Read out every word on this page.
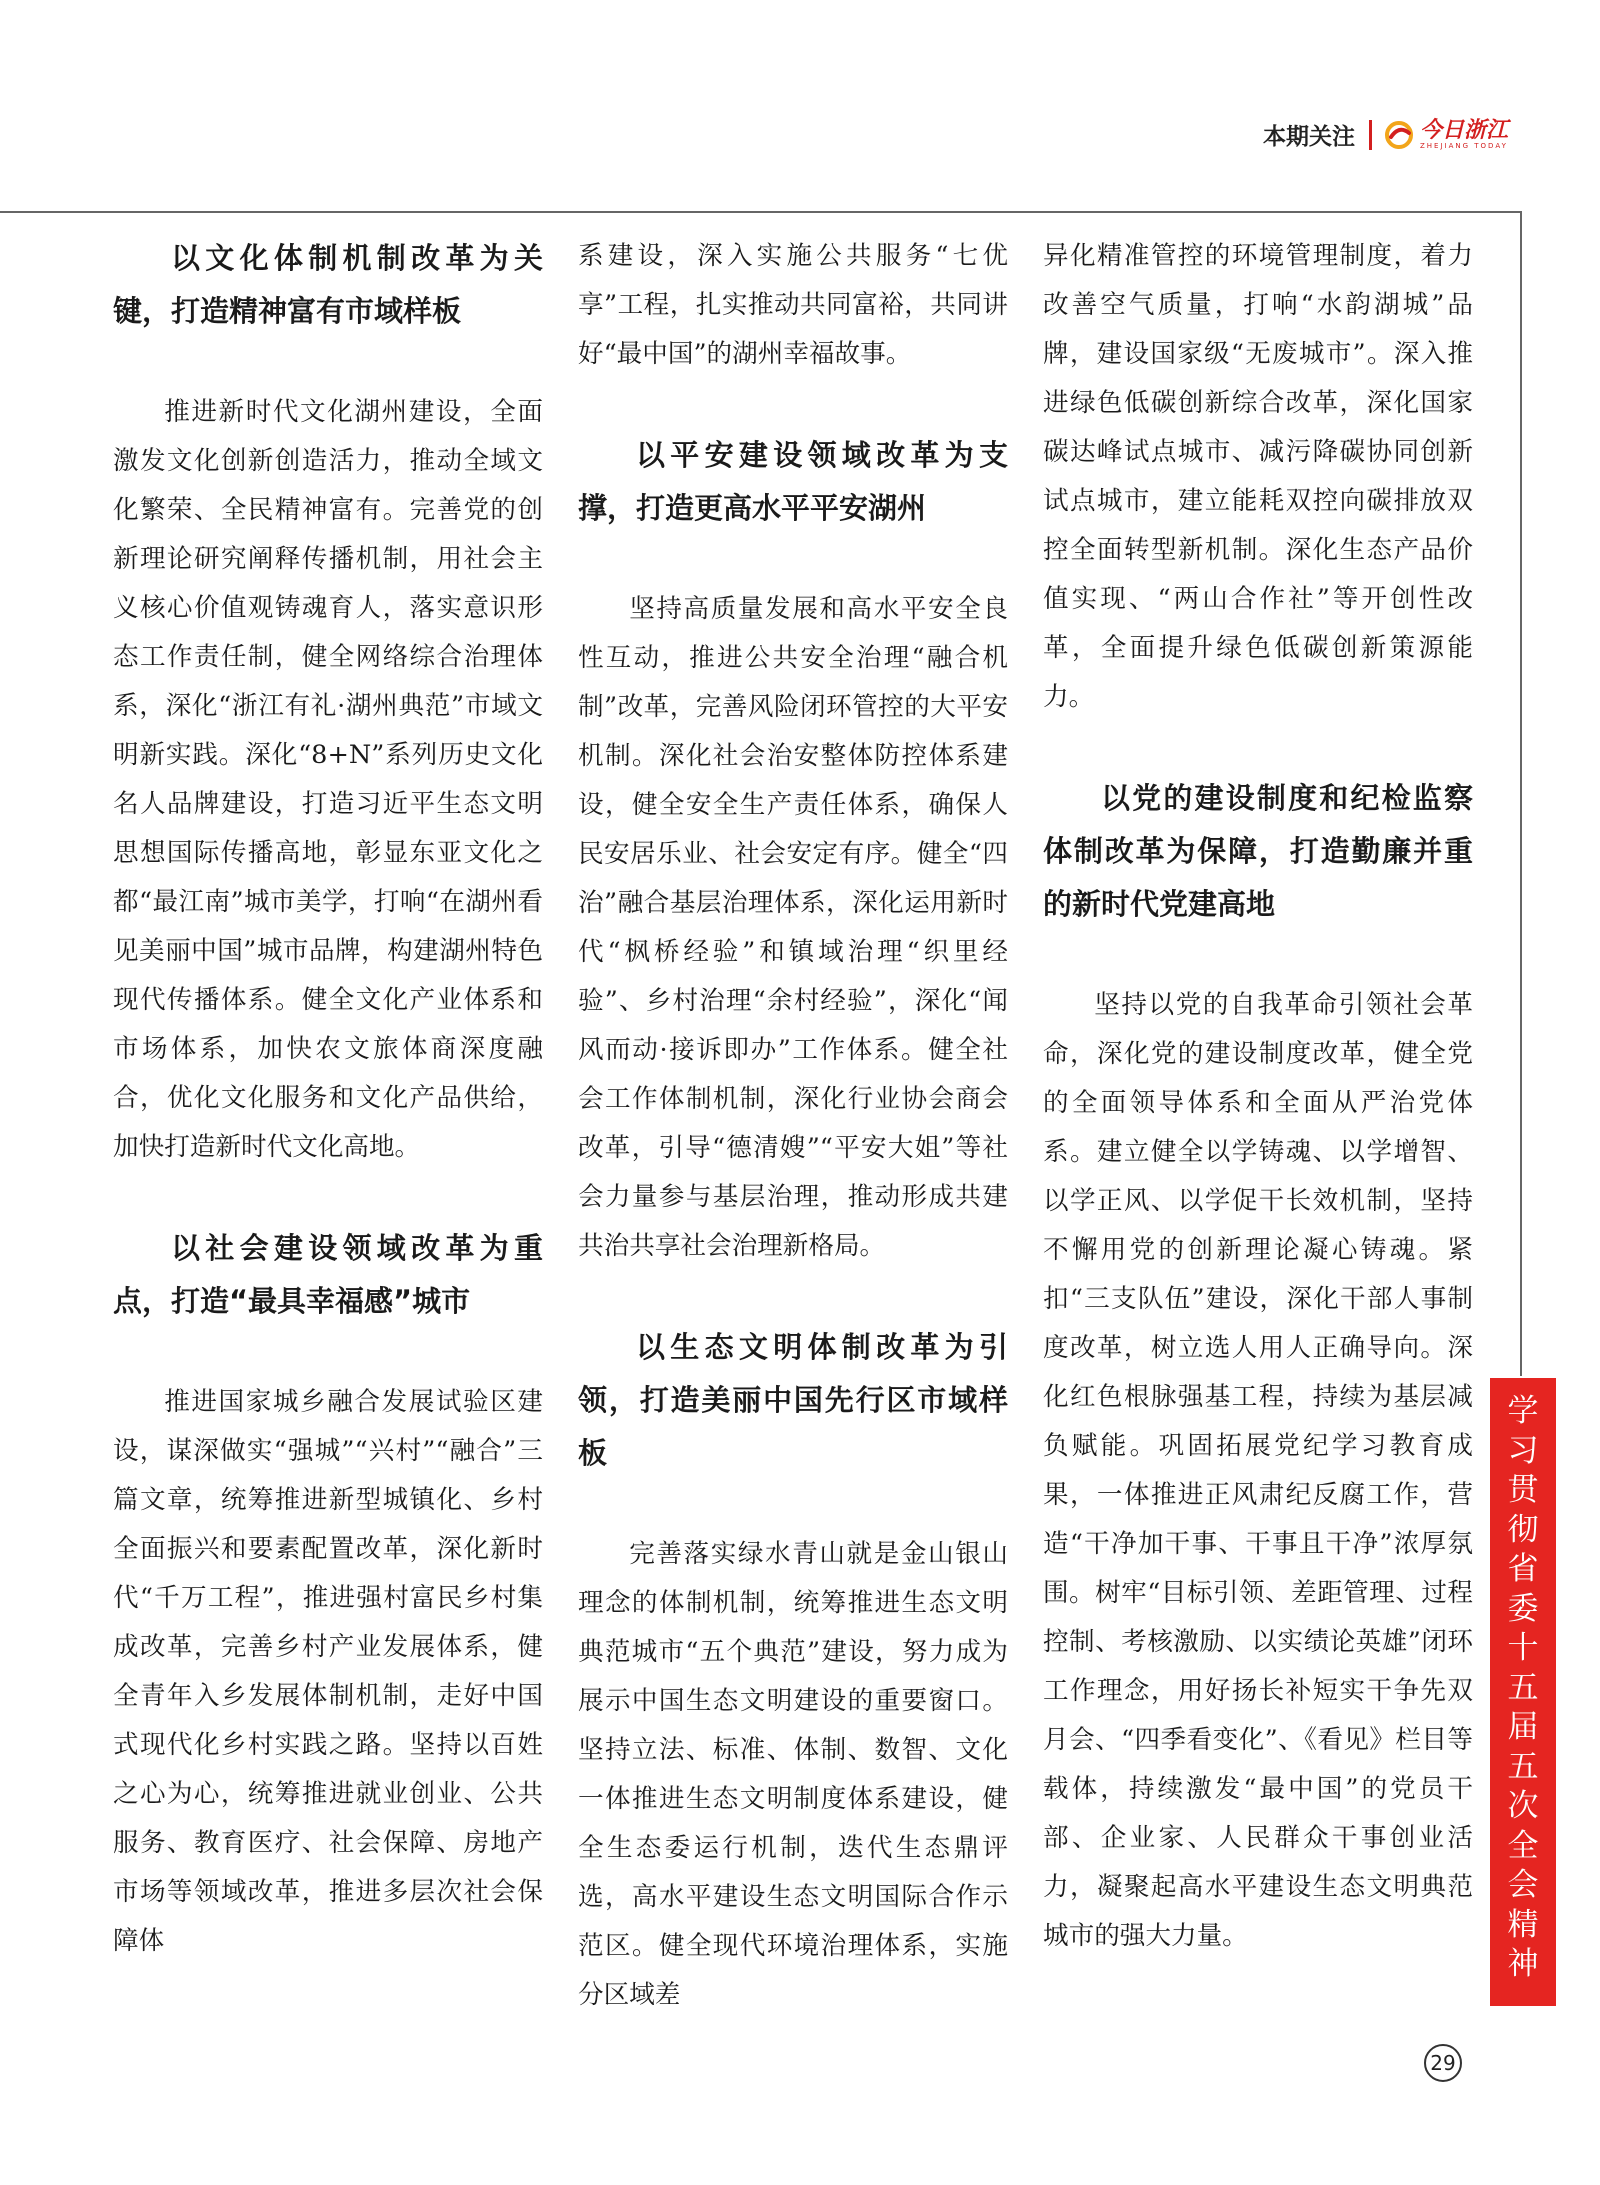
本期关注	今日浙江
ZHEJIANG TODAY
以文化体制机制改革为关键，打造精神富有市域样板

推进新时代文化湖州建设，全面激发文化创新创造活力，推动全域文化繁荣、全民精神富有。完善党的创新理论研究阐释传播机制，用社会主义核心价值观铸魂育人，落实意识形态工作责任制，健全网络综合治理体系，深化“浙江有礼·湖州典范”市域文明新实践。深化“8+N”系列历史文化名人品牌建设，打造习近平生态文明思想国际传播高地，彰显东亚文化之都“最江南”城市美学，打响“在湖州看见美丽中国”城市品牌，构建湖州特色现代传播体系。健全文化产业体系和市场体系，加快农文旅体商深度融合，优化文化服务和文化产品供给，加快打造新时代文化高地。

以社会建设领域改革为重点，打造“最具幸福感”城市

推进国家城乡融合发展试验区建设，谋深做实“强城”“兴村”“融合”三篇文章，统筹推进新型城镇化、乡村全面振兴和要素配置改革，深化新时代“千万工程”，推进强村富民乡村集成改革，完善乡村产业发展体系，健全青年入乡发展体制机制，走好中国式现代化乡村实践之路。坚持以百姓之心为心，统筹推进就业创业、公共服务、教育医疗、社会保障、房地产市场等领域改革，推进多层次社会保障体

系建设，深入实施公共服务“七优享”工程，扎实推动共同富裕，共同讲好“最中国”的湖州幸福故事。

以平安建设领域改革为支撑，打造更高水平平安湖州

坚持高质量发展和高水平安全良性互动，推进公共安全治理“融合机制”改革，完善风险闭环管控的大平安机制。深化社会治安整体防控体系建设，健全安全生产责任体系，确保人民安居乐业、社会安定有序。健全“四治”融合基层治理体系，深化运用新时代“枫桥经验”和镇域治理“织里经验”、乡村治理“余村经验”，深化“闻风而动·接诉即办”工作体系。健全社会工作体制机制，深化行业协会商会改革，引导“德清嫂”“平安大姐”等社会力量参与基层治理，推动形成共建共治共享社会治理新格局。

以生态文明体制改革为引领，打造美丽中国先行区市域样板

完善落实绿水青山就是金山银山理念的体制机制，统筹推进生态文明典范城市“五个典范”建设，努力成为展示中国生态文明建设的重要窗口。坚持立法、标准、体制、数智、文化一体推进生态文明制度体系建设，健全生态委运行机制，迭代生态鼎评选，高水平建设生态文明国际合作示范区。健全现代环境治理体系，实施分区域差

异化精准管控的环境管理制度，着力改善空气质量，打响“水韵湖城”品牌，建设国家级“无废城市”。深入推进绿色低碳创新综合改革，深化国家碳达峰试点城市、减污降碳协同创新试点城市，建立能耗双控向碳排放双控全面转型新机制。深化生态产品价值实现、“两山合作社”等开创性改革，全面提升绿色低碳创新策源能力。

以党的建设制度和纪检监察体制改革为保障，打造勤廉并重的新时代党建高地

坚持以党的自我革命引领社会革命，深化党的建设制度改革，健全党的全面领导体系和全面从严治党体系。建立健全以学铸魂、以学增智、以学正风、以学促干长效机制，坚持不懈用党的创新理论凝心铸魂。紧扣“三支队伍”建设，深化干部人事制度改革，树立选人用人正确导向。深化红色根脉强基工程，持续为基层减负赋能。巩固拓展党纪学习教育成果，一体推进正风肃纪反腐工作，营造“干净加干事、干事且干净”浓厚氛围。树牢“目标引领、差距管理、过程控制、考核激励、以实绩论英雄”闭环工作理念，用好扬长补短实干争先双月会、“四季看变化”、《看见》栏目等载体，持续激发“最中国”的党员干部、企业家、人民群众干事创业活力，凝聚起高水平建设生态文明典范城市的强大力量。

学习贯彻省委十五届五次全会精神
29
